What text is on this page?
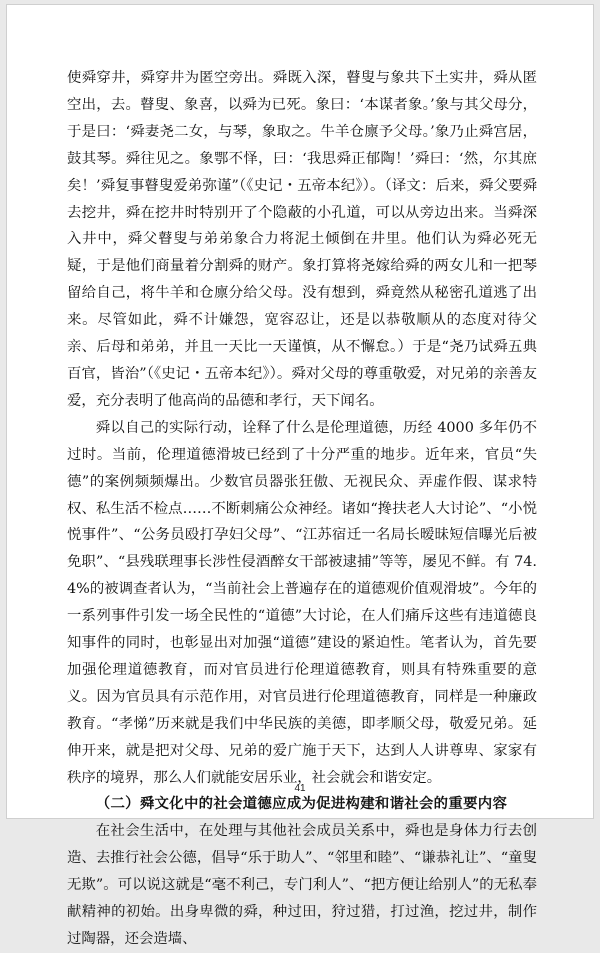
使舜穿井，舜穿井为匿空旁出。舜既入深，瞽叟与象共下土实井，舜从匿空出，去。瞽叟、象喜，以舜为已死。象曰：‘本谋者象。’象与其父母分，于是曰：‘舜妻尧二女，与琴，象取之。牛羊仓廪予父母。’象乃止舜宫居，鼓其琴。舜往见之。象鄂不怿，曰：‘我思舜正郁陶！’舜曰：‘然，尔其庶矣！’舜复事瞽叟爱弟弥谨”（《史记・五帝本纪》）。（译文：后来，舜父要舜去挖井，舜在挖井时特别开了个隐蔽的小孔道，可以从旁边出来。当舜深入井中，舜父瞽叟与弟弟象合力将泥土倾倒在井里。他们认为舜必死无疑，于是他们商量着分割舜的财产。象打算将尧嫁给舜的两女儿和一把琴留给自己，将牛羊和仓廪分给父母。没有想到，舜竟然从秘密孔道逃了出来。尽管如此，舜不计嫌怨，宽容忍让，还是以恭敬顺从的态度对待父亲、后母和弟弟，并且一天比一天谨慎，从不懈怠。）于是“尧乃试舜五典百官，皆治”（《史记・五帝本纪》）。舜对父母的尊重敬爱，对兄弟的亲善友爱，充分表明了他高尚的品德和孝行，天下闻名。

舜以自己的实际行动，诠释了什么是伦理道德，历经 4000 多年仍不过时。当前，伦理道德滑坡已经到了十分严重的地步。近年来，官员“失德”的案例频频爆出。少数官员器张狂傲、无视民众、弄虚作假、谋求特权、私生活不检点……不断刺痛公众神经。诸如“搀扶老人大讨论”、“小悦悦事件”、“公务员殴打孕妇父母”、“江苏宿迁一名局长暧昧短信曝光后被免职”、“县残联理事长涉性侵酒醉女干部被逮捕”等等，屡见不鲜。有 74.4%的被调查者认为，“当前社会上普遍存在的道德观价值观滑坡”。今年的一系列事件引发一场全民性的“道德”大讨论，在人们痛斥这些有违道德良知事件的同时，也彰显出对加强“道德”建设的紧迫性。笔者认为，首先要加强伦理道德教育，而对官员进行伦理道德教育，则具有特殊重要的意义。因为官员具有示范作用，对官员进行伦理道德教育，同样是一种廉政教育。“孝悌”历来就是我们中华民族的美德，即孝顺父母，敬爱兄弟。延伸开来，就是把对父母、兄弟的爱广施于天下，达到人人讲尊卑、家家有秩序的境界，那么人们就能安居乐业，社会就会和谐安定。

（二）舜文化中的社会道德应成为促进构建和谐社会的重要内容

在社会生活中，在处理与其他社会成员关系中，舜也是身体力行去创造、去推行社会公德，倡导“乐于助人”、“邻里和睦”、“谦恭礼让”、“童叟无欺”。可以说这就是“毫不利己，专门利人”、“把方便让给别人”的无私奉献精神的初始。出身卑微的舜，种过田，狩过猎，打过渔，挖过井，制作过陶器，还会造墙、

41
